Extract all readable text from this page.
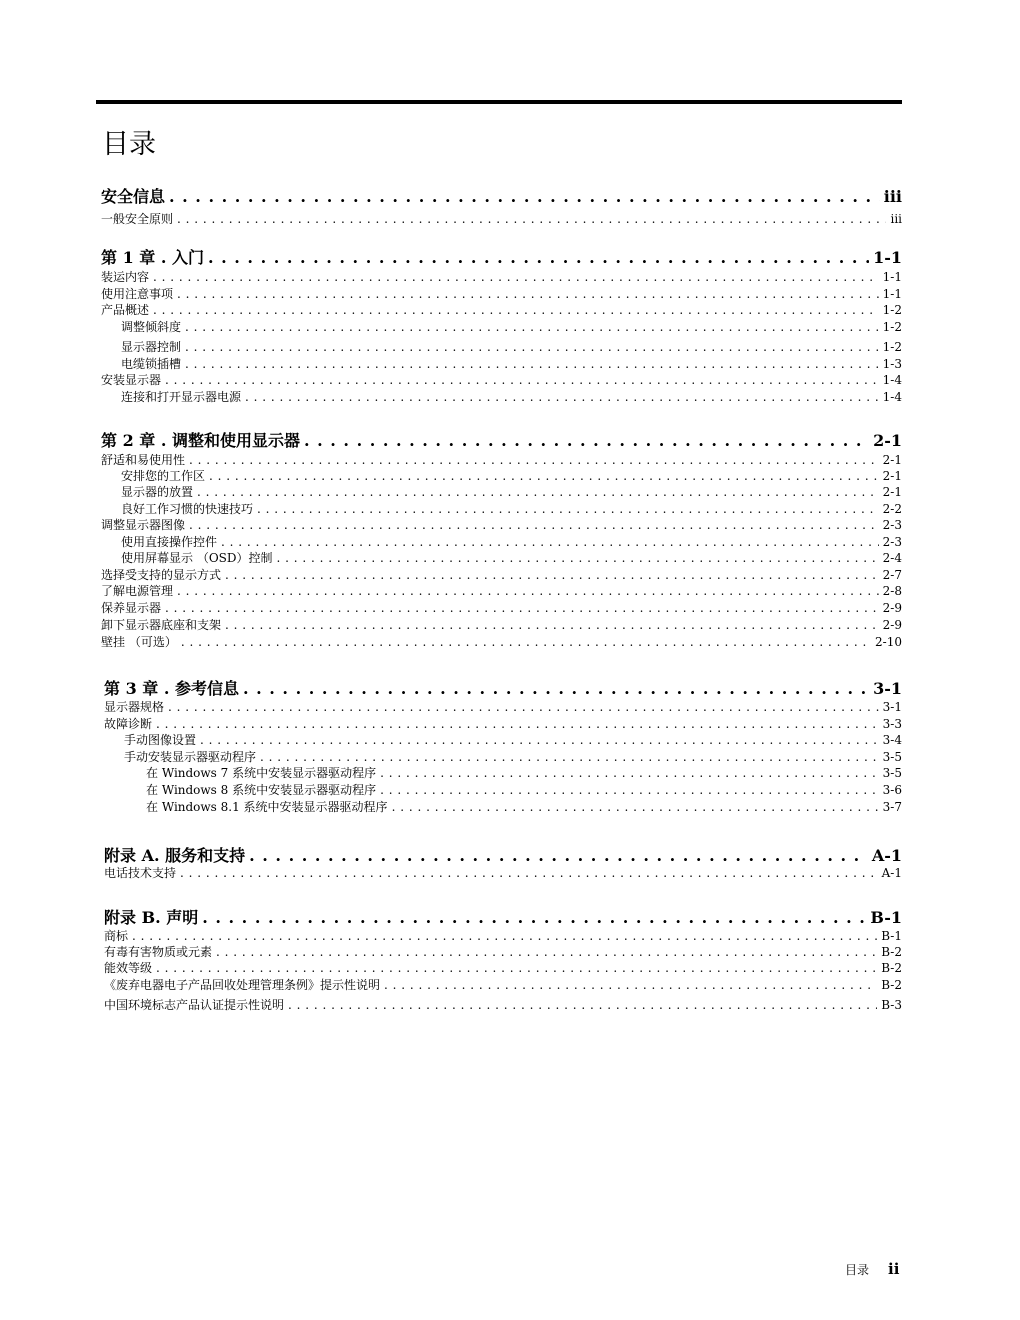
目录
安全信息 . . .	iii
一般安全原则 . . .	iii
第 1 章 . 入门 . . .	1-1
装运内容 . . .	1-1
使用注意事项 . . .	1-1
产品概述 . . .	1-2
调整倾斜度 . . .	1-2
显示器控制 . . .	1-2
电缆锁插槽 . . .	1-3
安装显示器 . . .	1-4
连接和打开显示器电源 . . .	1-4
第 2 章 . 调整和使用显示器 . . .	2-1
舒适和易使用性 . . .	2-1
安排您的工作区 . . .	2-1
显示器的放置 . . .	2-1
良好工作习惯的快速技巧 . . .	2-2
调整显示器图像 . . .	2-3
使用直接操作控件 . . .	2-3
使用屏幕显示 （OSD）控制 . . .	2-4
选择受支持的显示方式 . . .	2-7
了解电源管理 . . .	2-8
保养显示器 . . .	2-9
卸下显示器底座和支架 . . .	2-9
壁挂 （可选） . . .	2-10
第 3 章 . 参考信息 . . .	3-1
显示器规格 . . .	3-1
故障诊断 . . .	3-3
手动图像设置 . . .	3-4
手动安装显示器驱动程序 . . .	3-5
在 Windows 7 系统中安装显示器驱动程序 . . .	3-5
在 Windows 8 系统中安装显示器驱动程序 . . .	3-6
在 Windows 8.1 系统中安装显示器驱动程序 . . .	3-7
附录 A. 服务和支持 . . .	A-1
电话技术支持 . . .	A-1
附录 B. 声明 . . .	B-1
商标 . . .	B-1
有毒有害物质或元素 . . .	B-2
能效等级 . . .	B-2
《废弃电器电子产品回收处理管理条例》提示性说明 . . .	B-2
中国环境标志产品认证提示性说明 . . .	B-3
目录 ii
